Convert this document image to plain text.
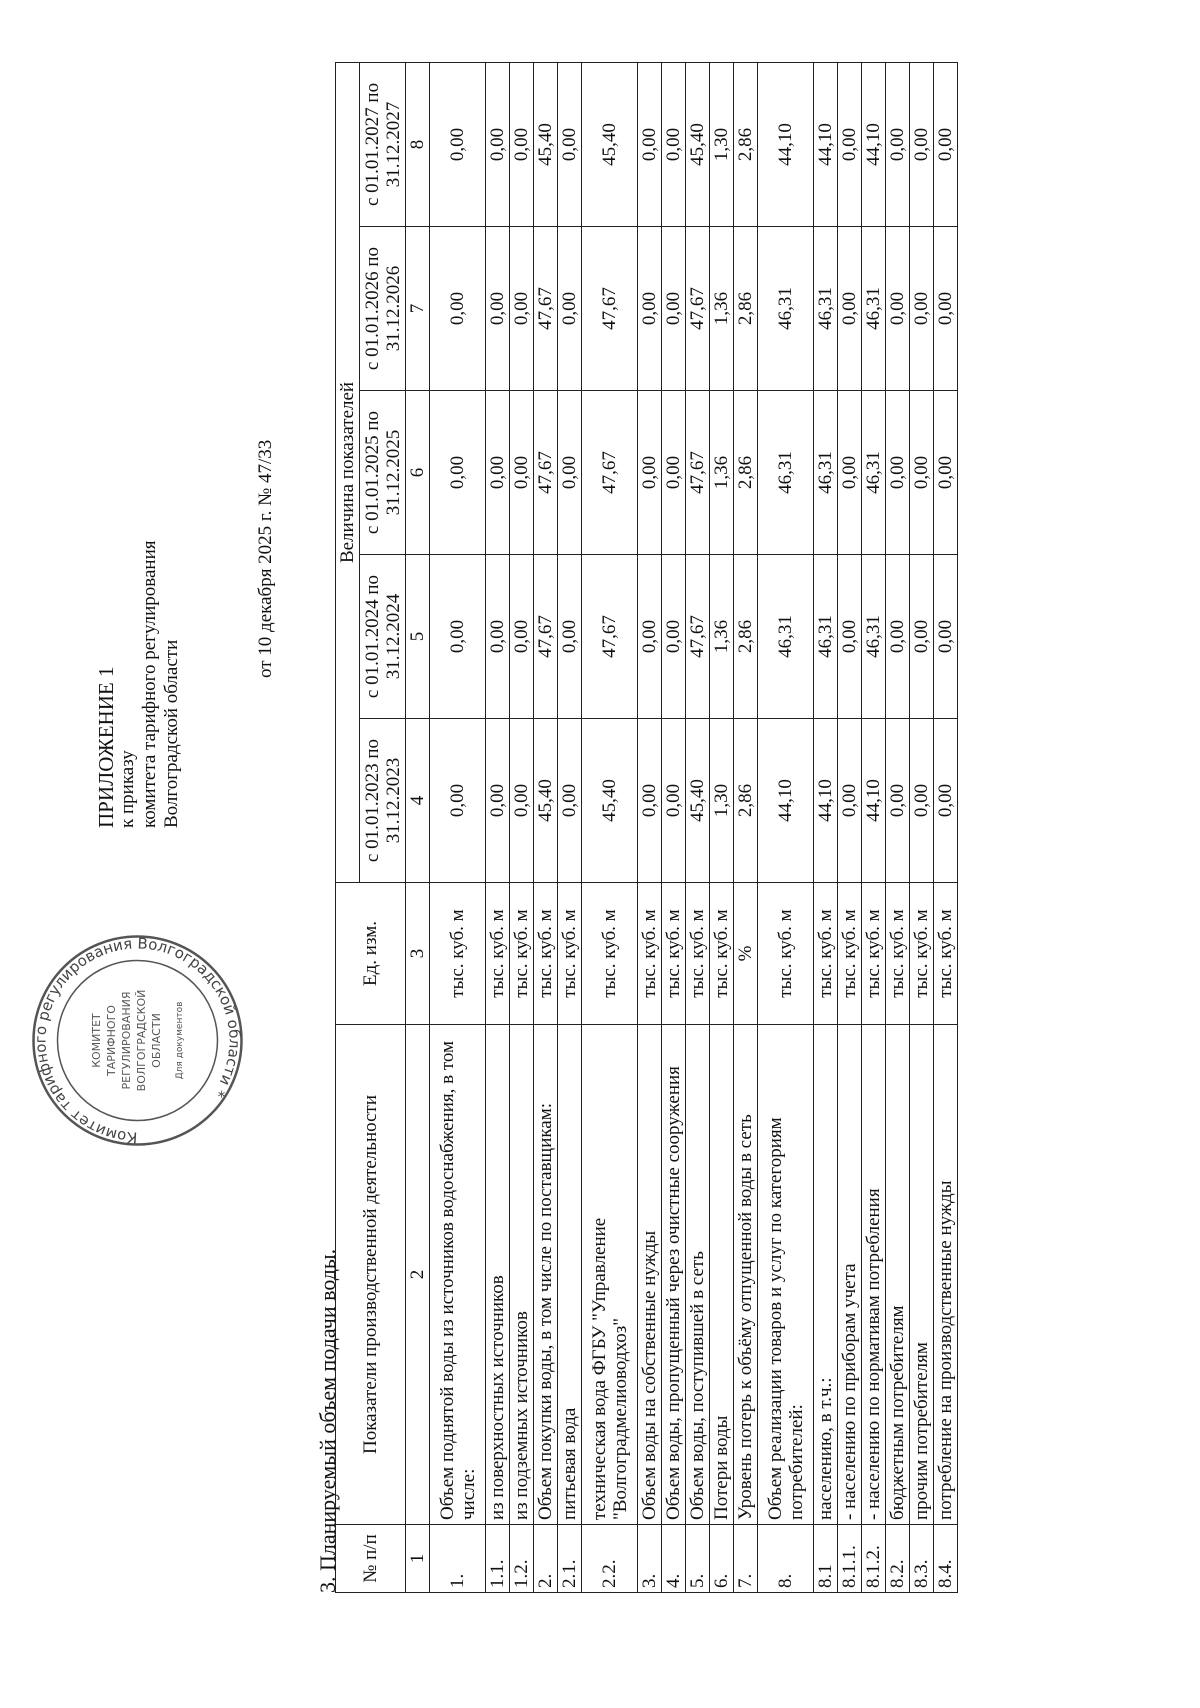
Комитет тарифного регулирования Волгоградской области *
КОМИТЕТ ТАРИФНОГО РЕГУЛИРОВАНИЯ ВОЛГОГРАДСКОЙ ОБЛАСТИ Для документов
ПРИЛОЖЕНИЕ 1 к приказу комитета тарифного регулирования Волгоградской области
от 10 декабря 2025 г. № 47/33
3. Планируемый объем подачи воды. № п/п	Показатели производственной деятельности	Ед. изм.	Величина показателей				
			с 01.01.2023 по 31.12.2023	с 01.01.2024 по 31.12.2024	с 01.01.2025 по 31.12.2025	с 01.01.2026 по 31.12.2026	с 01.01.2027 по 31.12.2027
1	2	3	4	5	6	7	8
1.	Объем поднятой воды из источников водоснабжения, в том числе:	тыс. куб. м	0,00	0,00	0,00	0,00	0,00
1.1.	из поверхностных источников	тыс. куб. м	0,00	0,00	0,00	0,00	0,00
1.2.	из подземных источников	тыс. куб. м	0,00	0,00	0,00	0,00	0,00
2.	Объем покупки воды, в том числе по поставщикам:	тыс. куб. м	45,40	47,67	47,67	47,67	45,40
2.1.	питьевая вода	тыс. куб. м	0,00	0,00	0,00	0,00	0,00
2.2.	техническая вода ФГБУ "Управление "Волгоградмелиоводхоз"	тыс. куб. м	45,40	47,67	47,67	47,67	45,40
3.	Объем воды на собственные нужды	тыс. куб. м	0,00	0,00	0,00	0,00	0,00
4.	Объем воды, пропущенный через очистные сооружения	тыс. куб. м	0,00	0,00	0,00	0,00	0,00
5.	Объем воды, поступившей в сеть	тыс. куб. м	45,40	47,67	47,67	47,67	45,40
6.	Потери воды	тыс. куб. м	1,30	1,36	1,36	1,36	1,30
7.	Уровень потерь к объёму отпущенной воды в сеть	%	2,86	2,86	2,86	2,86	2,86
8.	Объем реализации товаров и услуг по категориям потребителей:	тыс. куб. м	44,10	46,31	46,31	46,31	44,10
8.1	населению, в т.ч.:	тыс. куб. м	44,10	46,31	46,31	46,31	44,10
8.1.1.	- населению по приборам учета	тыс. куб. м	0,00	0,00	0,00	0,00	0,00
8.1.2.	- населению по нормативам потребления	тыс. куб. м	44,10	46,31	46,31	46,31	44,10
8.2.	бюджетным потребителям	тыс. куб. м	0,00	0,00	0,00	0,00	0,00
8.3.	прочим потребителям	тыс. куб. м	0,00	0,00	0,00	0,00	0,00
8.4.	потребление на производственные нужды	тыс. куб. м	0,00	0,00	0,00	0,00	0,00
